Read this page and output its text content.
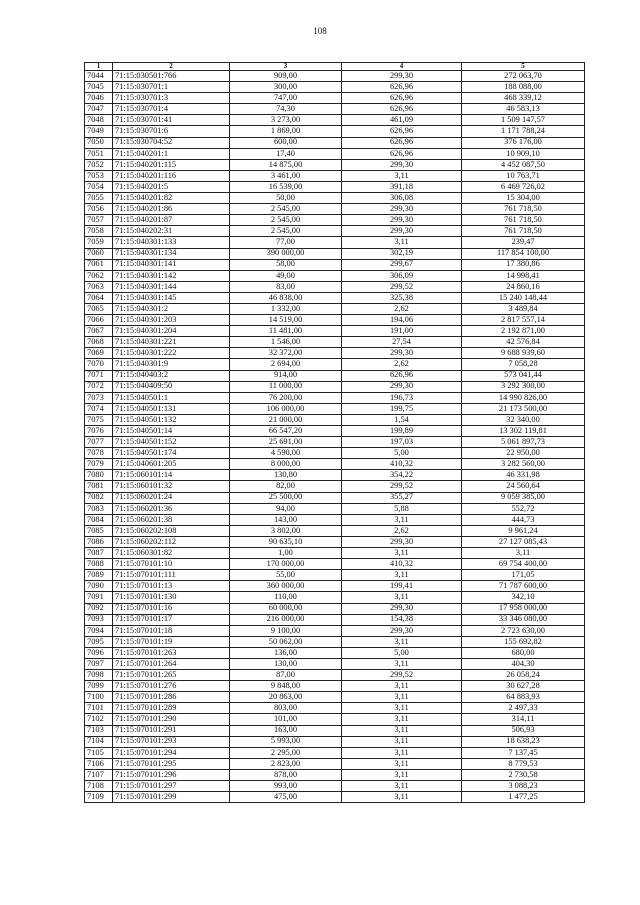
108
1	2	3	4	5
7044	71:15:030501:766	909,00	299,30	272 063,70
7045	71:15:030701:1	300,00	626,96	188 088,00
7046	71:15:030701:3	747,00	626,96	468 339,12
7047	71:15:030701:4	74,30	626,96	46 583,13
7048	71:15:030701:41	3 273,00	461,09	1 509 147,57
7049	71:15:030701:6	1 869,00	626,96	1 171 788,24
7050	71:15:030704:52	600,00	626,96	376 176,00
7051	71:15:040201:1	17,40	626,96	10 909,10
7052	71:15:040201:115	14 875,00	299,30	4 452 087,50
7053	71:15:040201:116	3 461,00	3,11	10 763,71
7054	71:15:040201:5	16 539,00	391,18	6 469 726,02
7055	71:15:040201:82	50,00	306,08	15 304,00
7056	71:15:040201:86	2 545,00	299,30	761 718,50
7057	71:15:040201:87	2 545,00	299,30	761 718,50
7058	71:15:040202:31	2 545,00	299,30	761 718,50
7059	71:15:040301:133	77,00	3,11	239,47
7060	71:15:040301:134	390 000,00	302,19	117 854 100,00
7061	71:15:040301:141	58,00	299,67	17 380,86
7062	71:15:040301:142	49,00	306,09	14 998,41
7063	71:15:040301:144	83,00	299,52	24 860,16
7064	71:15:040301:145	46 838,00	325,38	15 240 148,44
7065	71:15:040301:2	1 332,00	2,62	3 489,84
7066	71:15:040301:203	14 519,00	194,06	2 817 557,14
7067	71:15:040301:204	11 481,00	191,00	2 192 871,00
7068	71:15:040301:221	1 546,00	27,54	42 576,84
7069	71:15:040301:222	32 372,00	299,30	9 688 939,60
7070	71:15:040301:9	2 694,00	2,62	7 058,28
7071	71:15:040403:2	914,00	626,96	573 041,44
7072	71:15:040409:50	11 000,00	299,30	3 292 300,00
7073	71:15:040501:1	76 200,00	196,73	14 990 826,00
7074	71:15:040501:131	106 000,00	199,75	21 173 500,00
7075	71:15:040501:132	21 000,00	1,54	32 340,00
7076	71:15:040501:14	66 547,20	199,89	13 302 119,81
7077	71:15:040501:152	25 691,00	197,03	5 061 897,73
7078	71:15:040501:174	4 590,00	5,00	22 950,00
7079	71:15:040601:205	8 000,00	410,32	3 282 560,00
7080	71:15:060101:14	130,80	354,22	46 331,98
7081	71:15:060101:32	82,00	299,52	24 560,64
7082	71:15:060201:24	25 500,00	355,27	9 059 385,00
7083	71:15:060201:36	94,00	5,88	552,72
7084	71:15:060201:38	143,00	3,11	444,73
7085	71:15:060202:108	3 802,00	2,62	9 961,24
7086	71:15:060202:112	90 635,10	299,30	27 127 085,43
7087	71:15:060301:82	1,00	3,11	3,11
7088	71:15:070101:10	170 000,00	410,32	69 754 400,00
7089	71:15:070101:111	55,00	3,11	171,05
7090	71:15:070101:13	360 000,00	199,41	71 787 600,00
7091	71:15:070101:130	110,00	3,11	342,10
7092	71:15:070101:16	60 000,00	299,30	17 958 000,00
7093	71:15:070101:17	216 000,00	154,38	33 346 080,00
7094	71:15:070101:18	9 100,00	299,30	2 723 630,00
7095	71:15:070101:19	50 062,00	3,11	155 692,82
7096	71:15:070101:263	136,00	5,00	680,00
7097	71:15:070101:264	130,00	3,11	404,30
7098	71:15:070101:265	87,00	299,52	26 058,24
7099	71:15:070101:276	9 848,00	3,11	30 627,28
7100	71:15:070101:286	20 863,00	3,11	64 883,93
7101	71:15:070101:289	803,00	3,11	2 497,33
7102	71:15:070101:290	101,00	3,11	314,11
7103	71:15:070101:291	163,00	3,11	506,93
7104	71:15:070101:293	5 993,00	3,11	18 638,23
7105	71:15:070101:294	2 295,00	3,11	7 137,45
7106	71:15:070101:295	2 823,00	3,11	8 779,53
7107	71:15:070101:296	878,00	3,11	2 730,58
7108	71:15:070101:297	993,00	3,11	3 088,23
7109	71:15:070101:299	475,00	3,11	1 477,25
